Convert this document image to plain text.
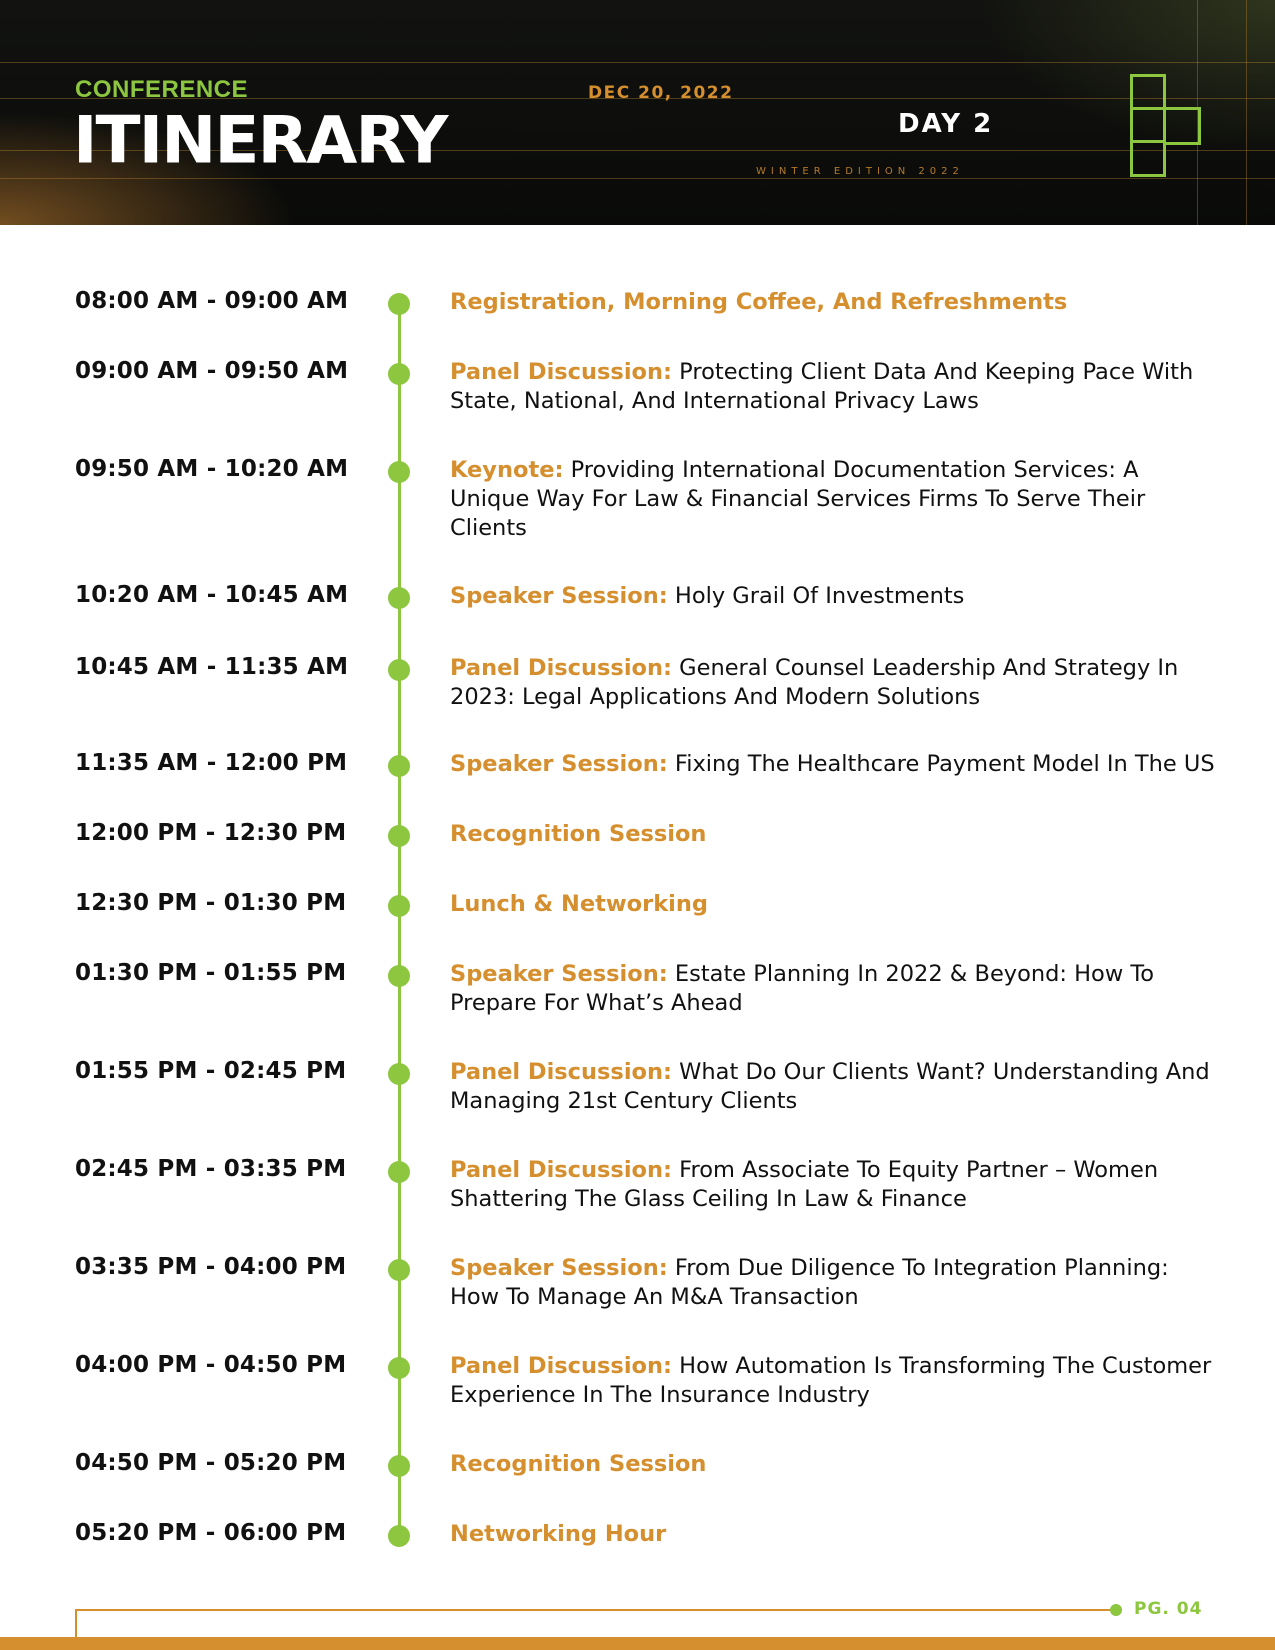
CONFERENCE
ITINERARY
DEC 20, 2022
DAY 2
WINTER EDITION 2022
08:00 AM - 09:00 AM	Registration, Morning Coffee, And Refreshments
09:00 AM - 09:50 AM	Panel Discussion: Protecting Client Data And Keeping Pace With State, National, And International Privacy Laws
09:50 AM - 10:20 AM	Keynote: Providing International Documentation Services: A Unique Way For Law & Financial Services Firms To Serve Their Clients
10:20 AM - 10:45 AM	Speaker Session: Holy Grail Of Investments
10:45 AM - 11:35 AM	Panel Discussion: General Counsel Leadership And Strategy In 2023: Legal Applications And Modern Solutions
11:35 AM - 12:00 PM	Speaker Session: Fixing The Healthcare Payment Model In The US
12:00 PM - 12:30 PM	Recognition Session
12:30 PM - 01:30 PM	Lunch & Networking
01:30 PM - 01:55 PM	Speaker Session: Estate Planning In 2022 & Beyond: How To Prepare For What’s Ahead
01:55 PM - 02:45 PM	Panel Discussion: What Do Our Clients Want? Understanding And Managing 21st Century Clients
02:45 PM - 03:35 PM	Panel Discussion: From Associate To Equity Partner – Women Shattering The Glass Ceiling In Law & Finance
03:35 PM - 04:00 PM	Speaker Session: From Due Diligence To Integration Planning: How To Manage An M&A Transaction
04:00 PM - 04:50 PM	Panel Discussion: How Automation Is Transforming The Customer Experience In The Insurance Industry
04:50 PM - 05:20 PM	Recognition Session
05:20 PM - 06:00 PM	Networking Hour
PG. 04
